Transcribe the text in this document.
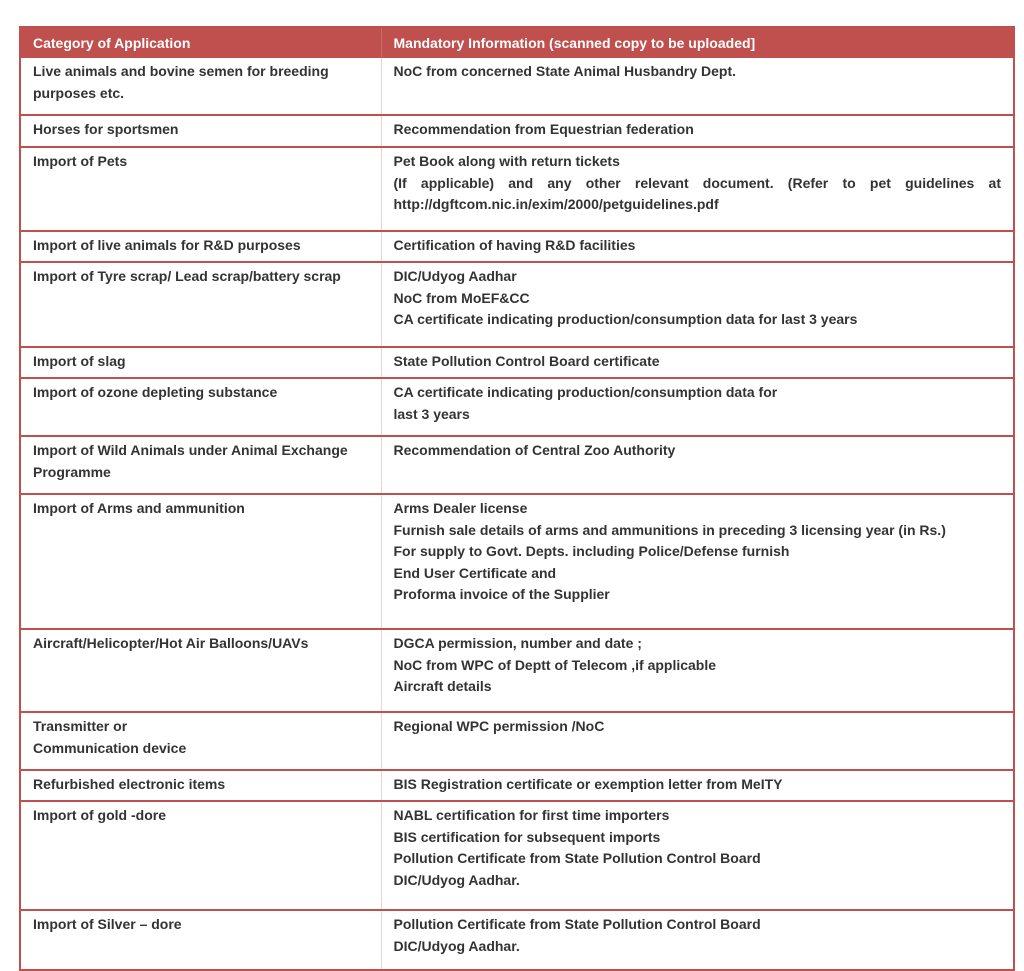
Category of Application	Mandatory Information (scanned copy to be uploaded]

Live animals and bovine semen for breeding purposes etc.	NoC from concerned State Animal Husbandry Dept.

Horses for sportsmen	Recommendation from Equestrian federation

Import of Pets	Pet Book along with return tickets
(If applicable) and any other relevant document. (Refer to pet guidelines at http://dgftcom.nic.in/exim/2000/petguidelines.pdf

Import of live animals for R&D purposes	Certification of having R&D facilities

Import of Tyre scrap/ Lead scrap/battery scrap	DIC/Udyog Aadhar
NoC from MoEF&CC
CA certificate indicating production/consumption data for last 3 years

Import of slag	State Pollution Control Board certificate

Import of ozone depleting substance	CA certificate indicating production/consumption data for
last 3 years

Import of Wild Animals under Animal Exchange Programme	Recommendation of Central Zoo Authority

Import of Arms and ammunition	Arms Dealer license
Furnish sale details of arms and ammunitions in preceding 3 licensing year (in Rs.)
For supply to Govt. Depts. including Police/Defense furnish
End User Certificate and
Proforma invoice of the Supplier

Aircraft/Helicopter/Hot Air Balloons/UAVs	DGCA permission, number and date ;
NoC from WPC of Deptt of Telecom ,if applicable
Aircraft details

Transmitter or
Communication device	Regional WPC permission /NoC

Refurbished electronic items	BIS Registration certificate or exemption letter from MeITY

Import of gold -dore	NABL certification for first time importers
BIS certification for subsequent imports
Pollution Certificate from State Pollution Control Board
DIC/Udyog Aadhar.

Import of Silver – dore	Pollution Certificate from State Pollution Control Board
DIC/Udyog Aadhar.
